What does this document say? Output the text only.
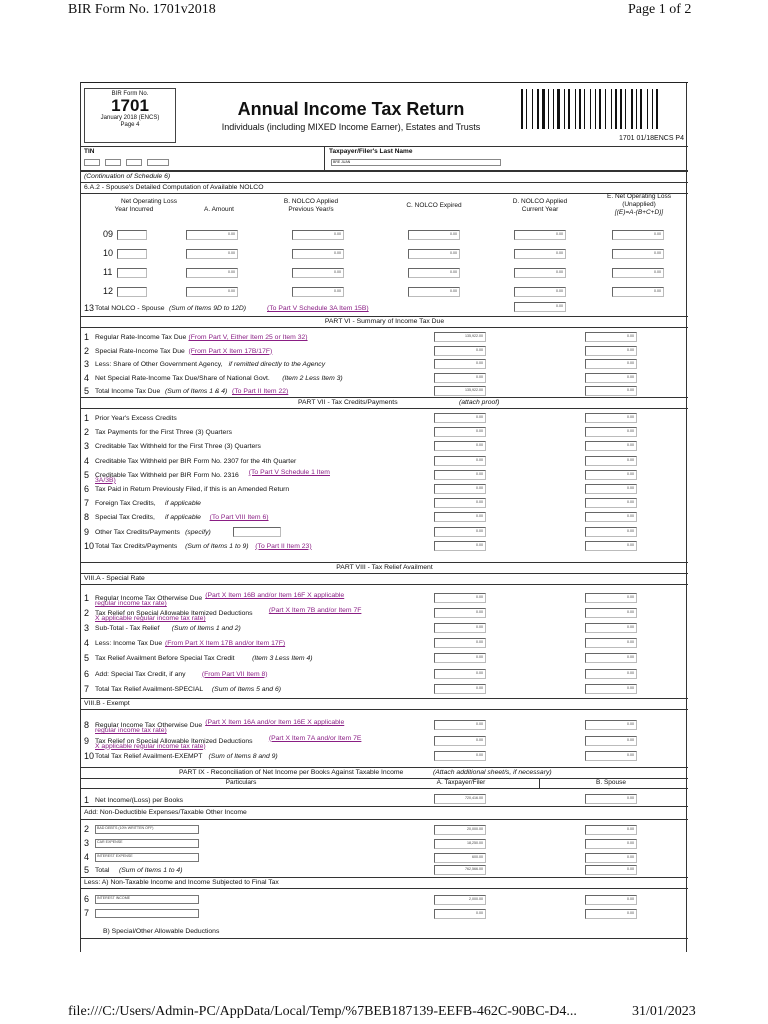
BIR Form No. 1701v2018	Page 1 of 2
BIR Form No.
1701
January 2018 (ENCS)
Page 4
Annual Income Tax Return
Individuals (including MIXED Income Earner), Estates and Trusts
1701 01/18ENCS P4
TIN	Taxpayer/Filer's Last Name
BRE JUAN
(Continuation of Schedule 6)
6.A.2 - Spouse's Detailed Computation of Available NOLCO
Net Operating Loss
Year Incurred	A. Amount
B. NOLCO Applied
Previous Year/s
C. NOLCO Expired
D. NOLCO Applied
Current Year
E. Net Operating Loss
(Unapplied)
[(E)=A-(B+C+D)]
09	0.00	0.00	0.00	0.00	0.00
10	0.00	0.00	0.00	0.00	0.00
11	0.00	0.00	0.00	0.00	0.00
12	0.00	0.00	0.00	0.00	0.00
13 Total NOLCO - Spouse (Sum of Items 9D to 12D)	(To Part V Schedule 3A Item 15B)	0.00
PART VI - Summary of Income Tax Due
1 Regular Rate-Income Tax Due (From Part V, Either Item 25 or Item 32)	135,922.00	0.00
2 Special Rate-Income Tax Due (From Part X Item 17B/17F)	0.00	0.00
3 Less: Share of Other Government Agency, if remitted directly to the Agency	0.00	0.00
4 Net Special Rate-Income Tax Due/Share of National Govt. (Item 2 Less Item 3)	0.00	0.00
5 Total Income Tax Due (Sum of Items 1 & 4) (To Part II Item 22)	135,922.00	0.00
PART VII - Tax Credits/Payments	(attach proof)
1 Prior Year's Excess Credits	0.00	0.00
2 Tax Payments for the First Three (3) Quarters	0.00	0.00
3 Creditable Tax Withheld for the First Three (3) Quarters	0.00	0.00
4 Creditable Tax Withheld per BIR Form No. 2307 for the 4th Quarter	0.00	0.00
5 Creditable Tax Withheld per BIR Form No. 2316 (To Part V Schedule 1 Item
3A/3B)
0.00	0.00
6 Tax Paid in Return Previously Filed, if this is an Amended Return	0.00	0.00
7 Foreign Tax Credits, if applicable	0.00	0.00
8 Special Tax Credits, if applicable (To Part VIII Item 6)	0.00	0.00
9 Other Tax Credits/Payments (specify)	0.00	0.00
10 Total Tax Credits/Payments (Sum of Items 1 to 9) (To Part II Item 23)	0.00	0.00
PART VIII - Tax Relief Availment
VIII.A - Special Rate
1 Regular Income Tax Otherwise Due (Part X Item 16B and/or Item 16F X applicable
regular income tax rate)
0.00	0.00
2 Tax Relief on Special Allowable Itemized Deductions (Part X Item 7B and/or Item 7F
X applicable regular income tax rate)
0.00	0.00
3 Sub-Total - Tax Relief (Sum of Items 1 and 2)	0.00	0.00
4 Less: Income Tax Due (From Part X Item 17B and/or Item 17F)	0.00	0.00
5 Tax Relief Availment Before Special Tax Credit	(Item 3 Less Item 4)	0.00	0.00
6 Add: Special Tax Credit, if any (From Part VII Item 8)	0.00	0.00
7 Total Tax Relief Availment-SPECIAL (Sum of Items 5 and 6)	0.00	0.00
VIII.B - Exempt
8 Regular Income Tax Otherwise Due (Part X Item 16A and/or Item 16E X applicable
regular income tax rate)
0.00	0.00
9 Tax Relief on Special Allowable Itemized Deductions (Part X Item 7A and/or Item 7E
X applicable regular income tax rate)
0.00	0.00
10 Total Tax Relief Availment-EXEMPT (Sum of Items 8 and 9)	0.00	0.00
PART IX - Reconciliation of Net Income per Books Against Taxable Income	(Attach additional sheet/s, if necessary)
Particulars	A. Taxpayer/Filer	B. Spouse
1 Net Income/(Loss) per Books	720,416.00	0.00
Add: Non-Deductible Expenses/Taxable Other Income
2	BAD DEBTS (10% WRITTEN OFF)	20,000.00	0.00
3	CAR EXPENSE	18,250.00	0.00
4	INTEREST EXPENSE	600.00	0.00
5 Total (Sum of Items 1 to 4)	762,566.00	0.00
Less: A) Non-Taxable Income and Income Subjected to Final Tax
6	INTEREST INCOME	2,000.00	0.00
7	0.00	0.00
B) Special/Other Allowable Deductions
file:///C:/Users/Admin-PC/AppData/Local/Temp/%7BEB187139-EEFB-462C-90BC-D4...	31/01/2023
